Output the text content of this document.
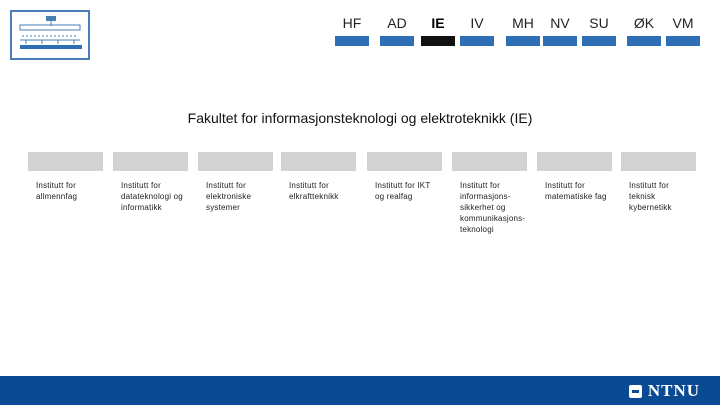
HF	AD	IE	IV	MH	NV	SU	ØK	VM
Fakultet for informasjonsteknologi og elektroteknikk (IE)
Institutt for allmennfag
Institutt for datateknologi og informatikk
Institutt for elektroniske systemer
Institutt for elkraftteknikk
Institutt for IKT og realfag
Institutt for informasjons-sikkerhet og kommunikasjons-teknologi
Institutt for matematiske fag
Institutt for teknisk kybernetikk
NTNU
